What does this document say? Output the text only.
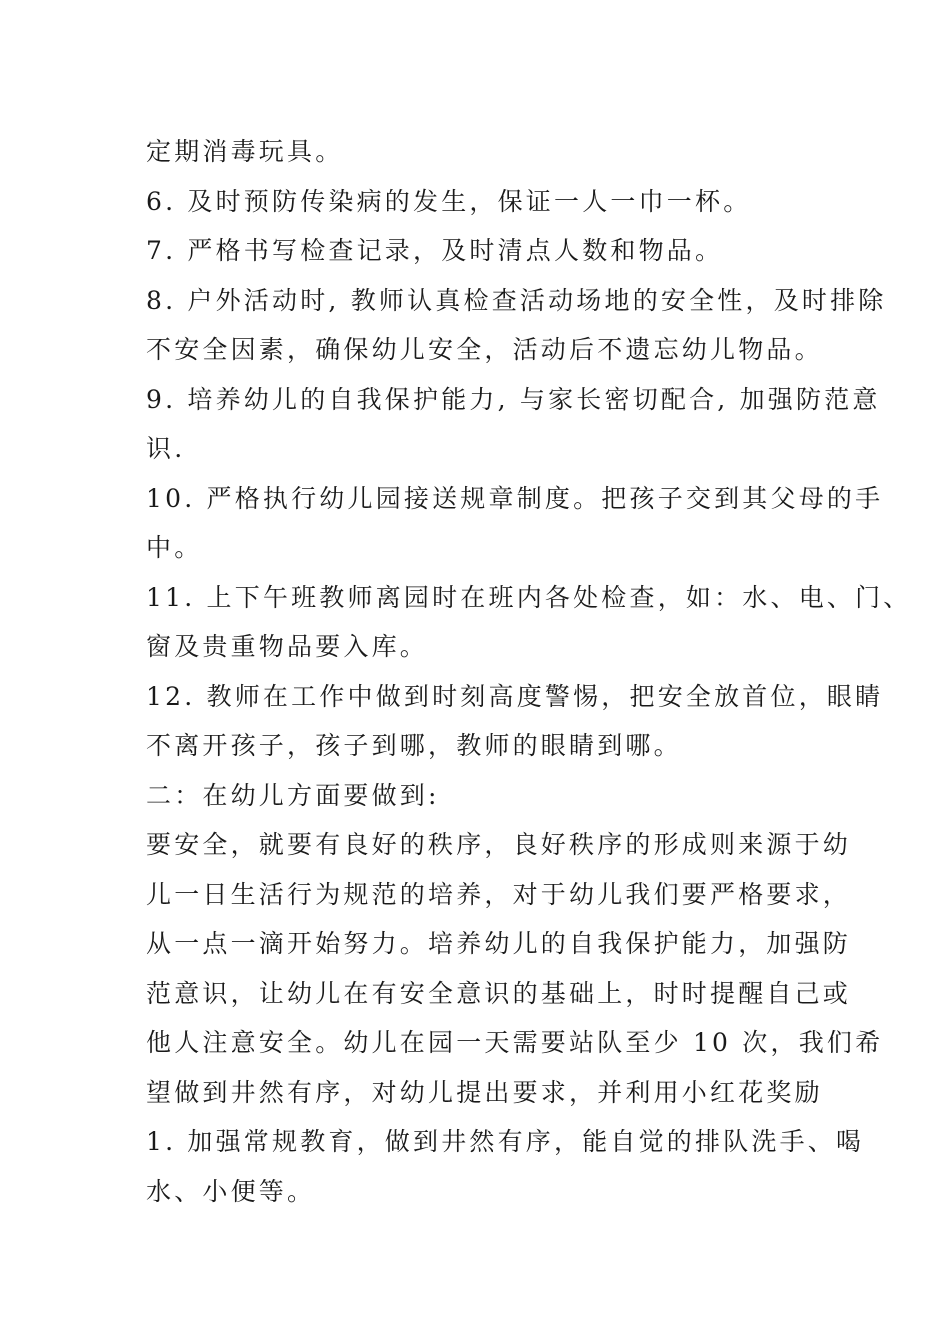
定期消毒玩具。
6. 及时预防传染病的发生，保证一人一巾一杯。
7. 严格书写检查记录，及时清点人数和物品。
8. 户外活动时, 教师认真检查活动场地的安全性，及时排除
不安全因素，确保幼儿安全，活动后不遗忘幼儿物品。
9. 培养幼儿的自我保护能力, 与家长密切配合, 加强防范意
识.
10. 严格执行幼儿园接送规章制度。把孩子交到其父母的手
中。
11. 上下午班教师离园时在班内各处检查，如：水、电、门、
窗及贵重物品要入库。
12. 教师在工作中做到时刻高度警惕，把安全放首位，眼睛
不离开孩子，孩子到哪，教师的眼睛到哪。
二：在幼儿方面要做到:
要安全，就要有良好的秩序，良好秩序的形成则来源于幼
儿一日生活行为规范的培养，对于幼儿我们要严格要求，
从一点一滴开始努力。培养幼儿的自我保护能力，加强防
范意识，让幼儿在有安全意识的基础上，时时提醒自己或
他人注意安全。幼儿在园一天需要站队至少 10 次，我们希
望做到井然有序，对幼儿提出要求，并利用小红花奖励
1. 加强常规教育，做到井然有序，能自觉的排队洗手、喝
水、小便等。
